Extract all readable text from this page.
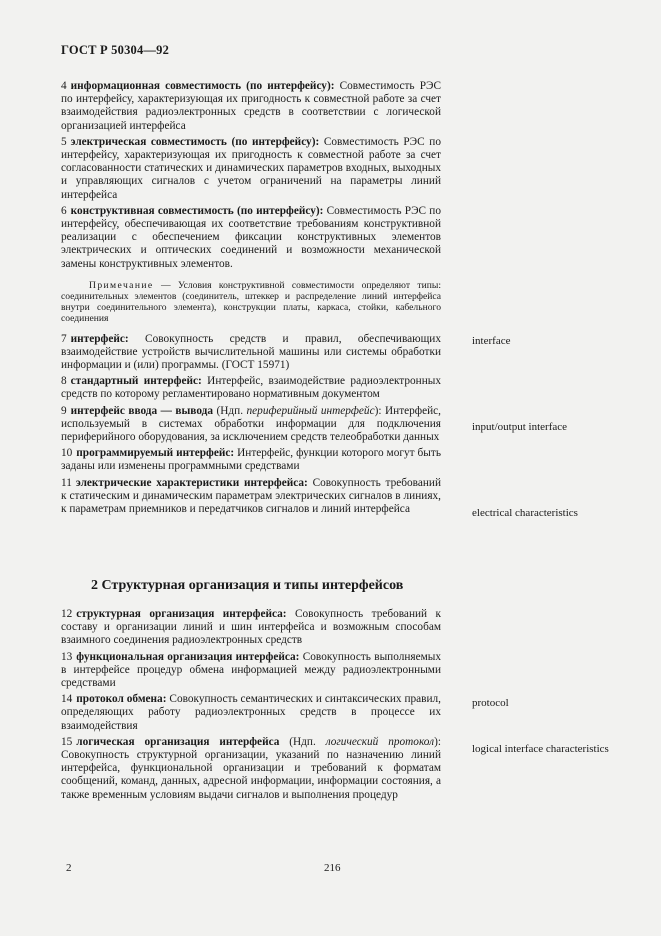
ГОСТ Р 50304—92
4 информационная совместимость (по интерфейсу): Совместимость РЭС по интерфейсу, характеризующая их пригодность к совместной работе за счет взаимодействия радиоэлектронных средств в соответствии с логической организацией интерфейса
5 электрическая совместимость (по интерфейсу): Совместимость РЭС по интерфейсу, характеризующая их пригодность к совместной работе за счет согласованности статических и динамических параметров входных, выходных и управляющих сигналов с учетом ограничений на параметры линий интерфейса
6 конструктивная совместимость (по интерфейсу): Совместимость РЭС по интерфейсу, обеспечивающая их соответствие требованиям конструктивной реализации с обеспечением фиксации конструктивных элементов электрических и оптических соединений и возможности механической замены конструктивных элементов.
Примечание — Условия конструктивной совместимости определяют типы: соединительных элементов (соединитель, штеккер и распределение линий интерфейса внутри соединительного элемента), конструкции платы, каркаса, стойки, кабельного соединения
7 интерфейс: Совокупность средств и правил, обеспечивающих взаимодействие устройств вычислительной машины или системы обработки информации и (или) программы. (ГОСТ 15971)
8 стандартный интерфейс: Интерфейс, взаимодействие радиоэлектронных средств по которому регламентировано нормативным документом
9 интерфейс ввода — вывода (Ндп. периферийный интерфейс): Интерфейс, используемый в системах обработки информации для подключения периферийного оборудования, за исключением средств телеобработки данных
10 программируемый интерфейс: Интерфейс, функции которого могут быть заданы или изменены программными средствами
11 электрические характеристики интерфейса: Совокупность требований к статическим и динамическим параметрам электрических сигналов в линиях, к параметрам приемников и передатчиков сигналов и линий интерфейса
2 Структурная организация и типы интерфейсов
12 структурная организация интерфейса: Совокупность требований к составу и организации линий и шин интерфейса и возможным способам взаимного соединения радиоэлектронных средств
13 функциональная организация интерфейса: Совокупность выполняемых в интерфейсе процедур обмена информацией между радиоэлектронными средствами
14 протокол обмена: Совокупность семантических и синтаксических правил, определяющих работу радиоэлектронных средств в процессе их взаимодействия
15 логическая организация интерфейса (Ндп. логический протокол): Совокупность структурной организации, указаний по назначению линий интерфейса, функциональной организации и требований к форматам сообщений, команд, данных, адресной информации, информации состояния, а также временным условиям выдачи сигналов и выполнения процедур
interface
input/output interface
electrical characteristics
protocol
logical interface characteristics
2	216
